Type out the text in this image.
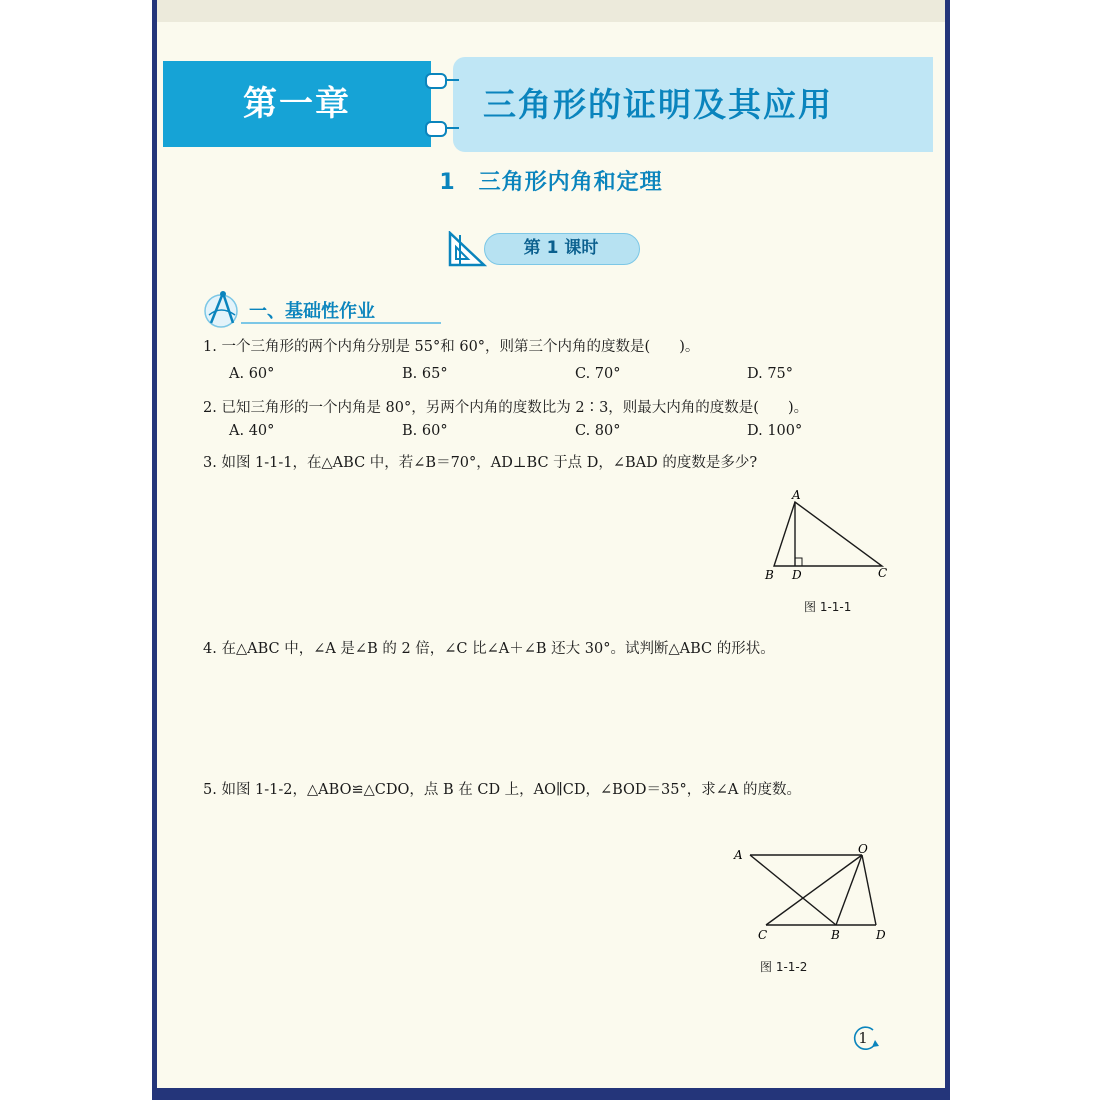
第一章	三角形的证明及其应用
1　三角形内角和定理
第 1 课时
一、基础性作业
1. 一个三角形的两个内角分别是 55°和 60°，则第三个内角的度数是(　　)。
A. 60°	B. 65°	C. 70°	D. 75°
2. 已知三角形的一个内角是 80°，另两个内角的度数比为 2∶3，则最大内角的度数是(　　)。
A. 40°	B. 60°	C. 80°	D. 100°
3. 如图 1-1-1，在△ABC 中，若∠B＝70°，AD⊥BC 于点 D，∠BAD 的度数是多少?
A
B D	C
图 1-1-1
4. 在△ABC 中，∠A 是∠B 的 2 倍，∠C 比∠A＋∠B 还大 30°。试判断△ABC 的形状。
5. 如图 1-1-2，△ABO≌△CDO，点 B 在 CD 上，AO∥CD，∠BOD＝35°，求∠A 的度数。
A	O
C	B	D
图 1-1-2
1
